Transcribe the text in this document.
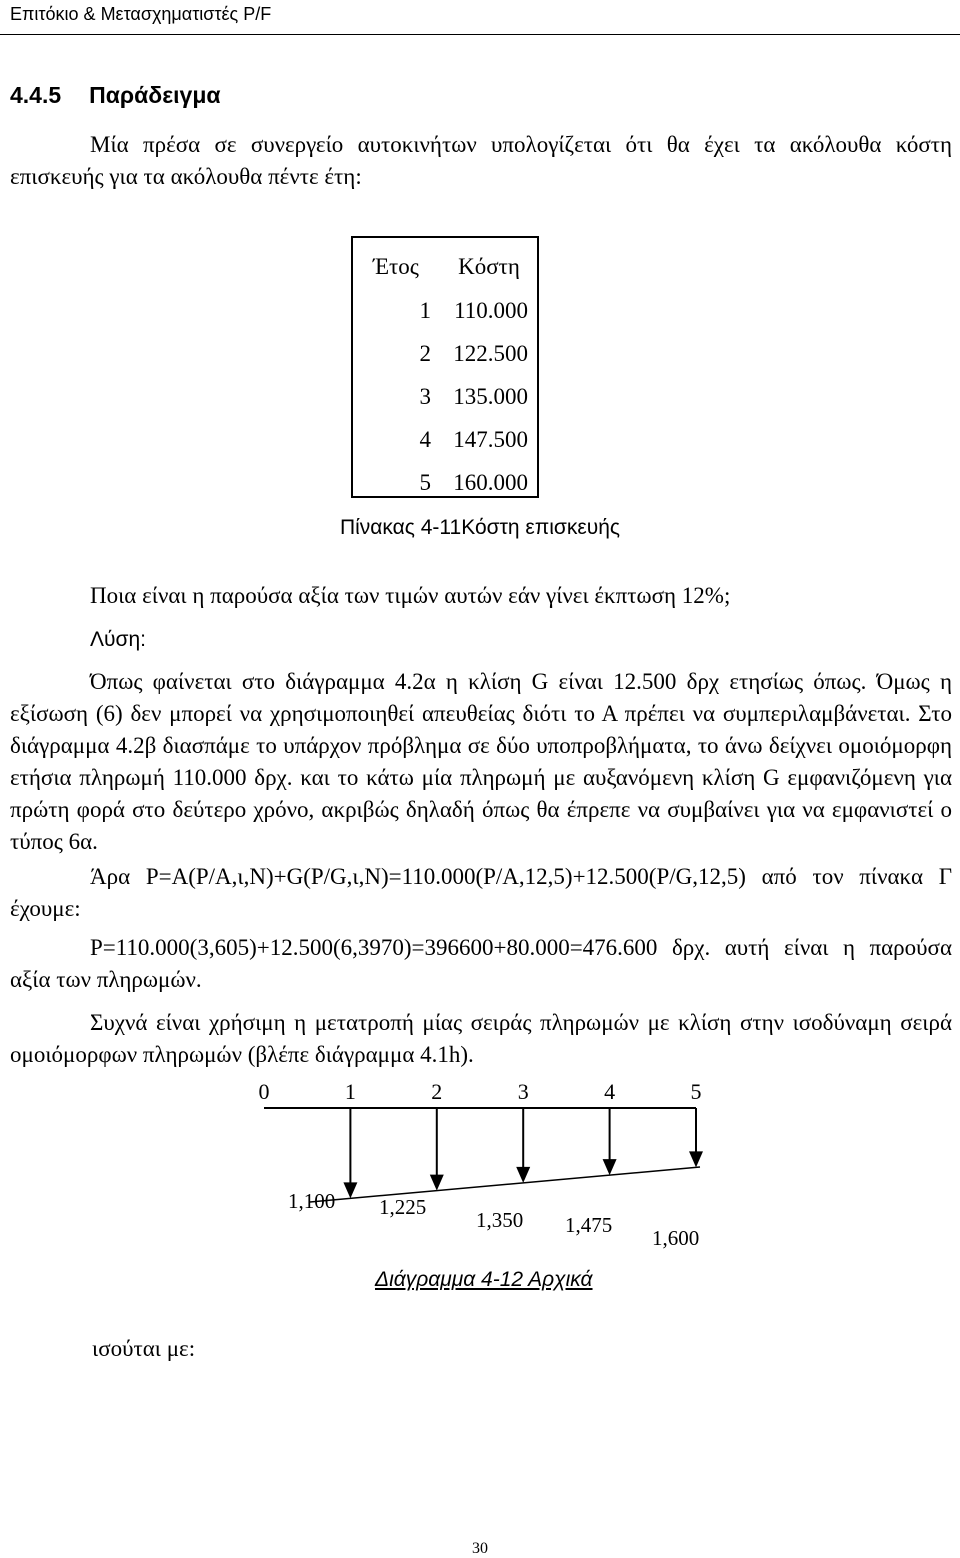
Επιτόκιο & Μετασχηματιστές P/F
4.4.5 Παράδειγμα
Μία πρέσα σε συνεργείο αυτοκινήτων υπολογίζεται ότι θα έχει τα ακόλουθα κόστη επισκευής για τα ακόλουθα πέντε έτη:
Έτος	Κόστη
1	110.000
2 122.500
3 135.000
4 147.500
5 160.000
Πίνακας 4-11Κόστη επισκευής
Ποια είναι η παρούσα αξία των τιμών αυτών εάν γίνει έκπτωση 12%;
Λύση:
Όπως φαίνεται στο διάγραμμα 4.2α η κλίση G είναι 12.500 δρχ ετησίως όπως. Όμως η εξίσωση (6) δεν μπορεί να χρησιμοποιηθεί απευθείας διότι το Α πρέπει να συμπεριλαμβάνεται. Στο διάγραμμα 4.2β διασπάμε το υπάρχον πρόβλημα σε δύο υποπροβλήματα, το άνω δείχνει ομοιόμορφη ετήσια πληρωμή 110.000 δρχ. και το κάτω μία πληρωμή με αυξανόμενη κλίση G εμφανιζόμενη για πρώτη φορά στο δεύτερο χρόνο, ακριβώς δηλαδή όπως θα έπρεπε να συμβαίνει για να εμφανιστεί ο τύπος 6α.
Άρα P=A(P/A,ι,N)+G(P/G,ι,N)=110.000(P/A,12,5)+12.500(P/G,12,5) από τον πίνακα Γ έχουμε:
P=110.000(3,605)+12.500(6,3970)=396600+80.000=476.600 δρχ. αυτή είναι η παρούσα αξία των πληρωμών.
Συχνά είναι χρήσιμη η μετατροπή μίας σειράς πληρωμών με κλίση στην ισοδύναμη σειρά ομοιόμορφων πληρωμών (βλέπε διάγραμμα 4.1h).
0	1	2	3	4	5
1,100 1,225
1,350 1,475
1,600
Διάγραμμα 4-12 Αρχικά
ισούται με:
30
